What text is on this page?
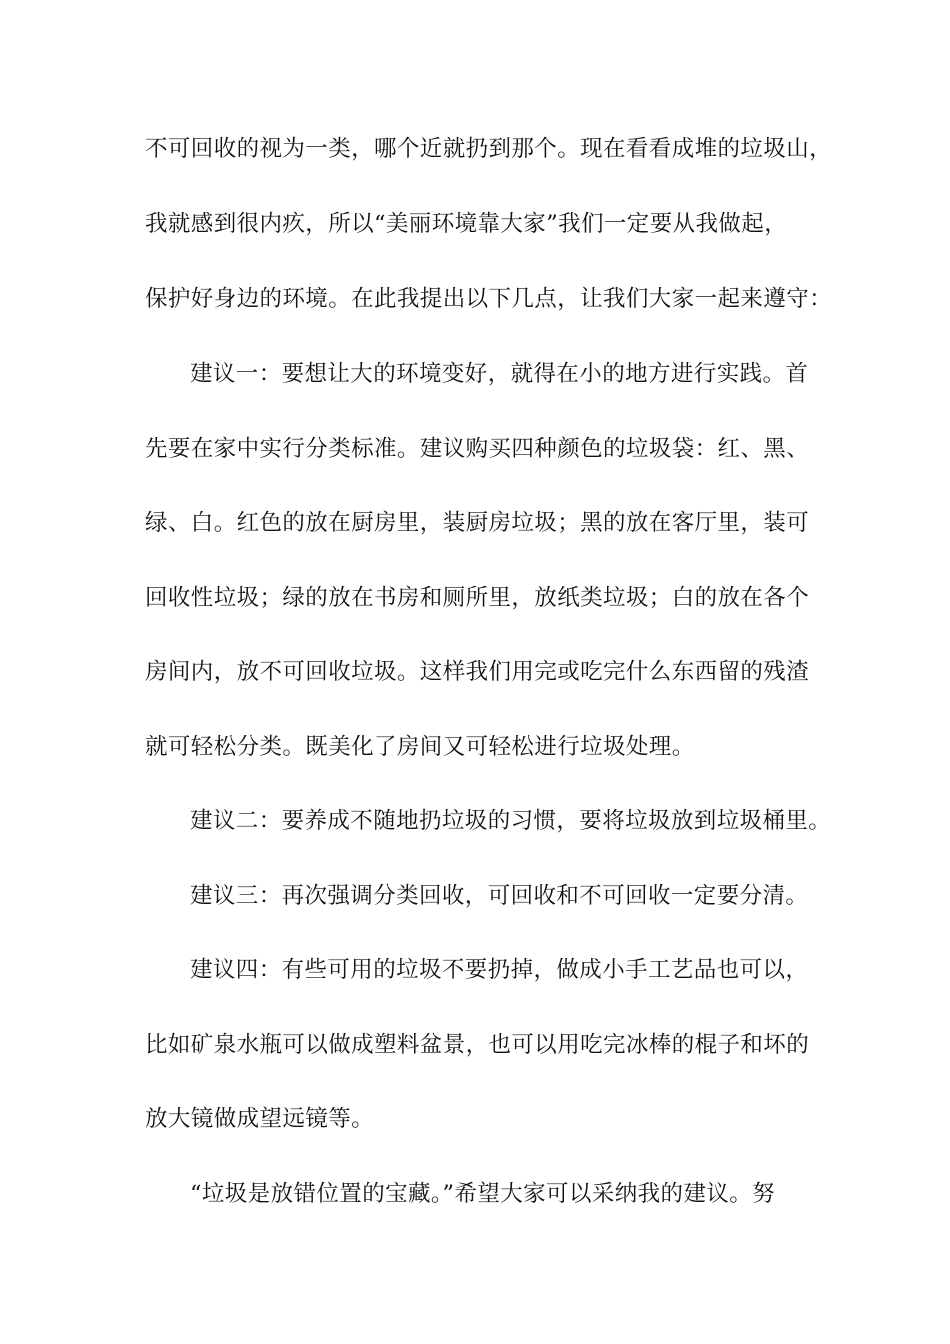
不可回收的视为一类，哪个近就扔到那个。现在看看成堆的垃圾山，
我就感到很内疚，所以“美丽环境靠大家”我们一定要从我做起，
保护好身边的环境。在此我提出以下几点，让我们大家一起来遵守：
建议一：要想让大的环境变好，就得在小的地方进行实践。首
先要在家中实行分类标准。建议购买四种颜色的垃圾袋：红、黑、
绿、白。红色的放在厨房里，装厨房垃圾；黑的放在客厅里，装可
回收性垃圾；绿的放在书房和厕所里，放纸类垃圾；白的放在各个
房间内，放不可回收垃圾。这样我们用完或吃完什么东西留的残渣
就可轻松分类。既美化了房间又可轻松进行垃圾处理。
建议二：要养成不随地扔垃圾的习惯，要将垃圾放到垃圾桶里。
建议三：再次强调分类回收，可回收和不可回收一定要分清。
建议四：有些可用的垃圾不要扔掉，做成小手工艺品也可以，
比如矿泉水瓶可以做成塑料盆景，也可以用吃完冰棒的棍子和坏的
放大镜做成望远镜等。
“垃圾是放错位置的宝藏。”希望大家可以采纳我的建议。努
